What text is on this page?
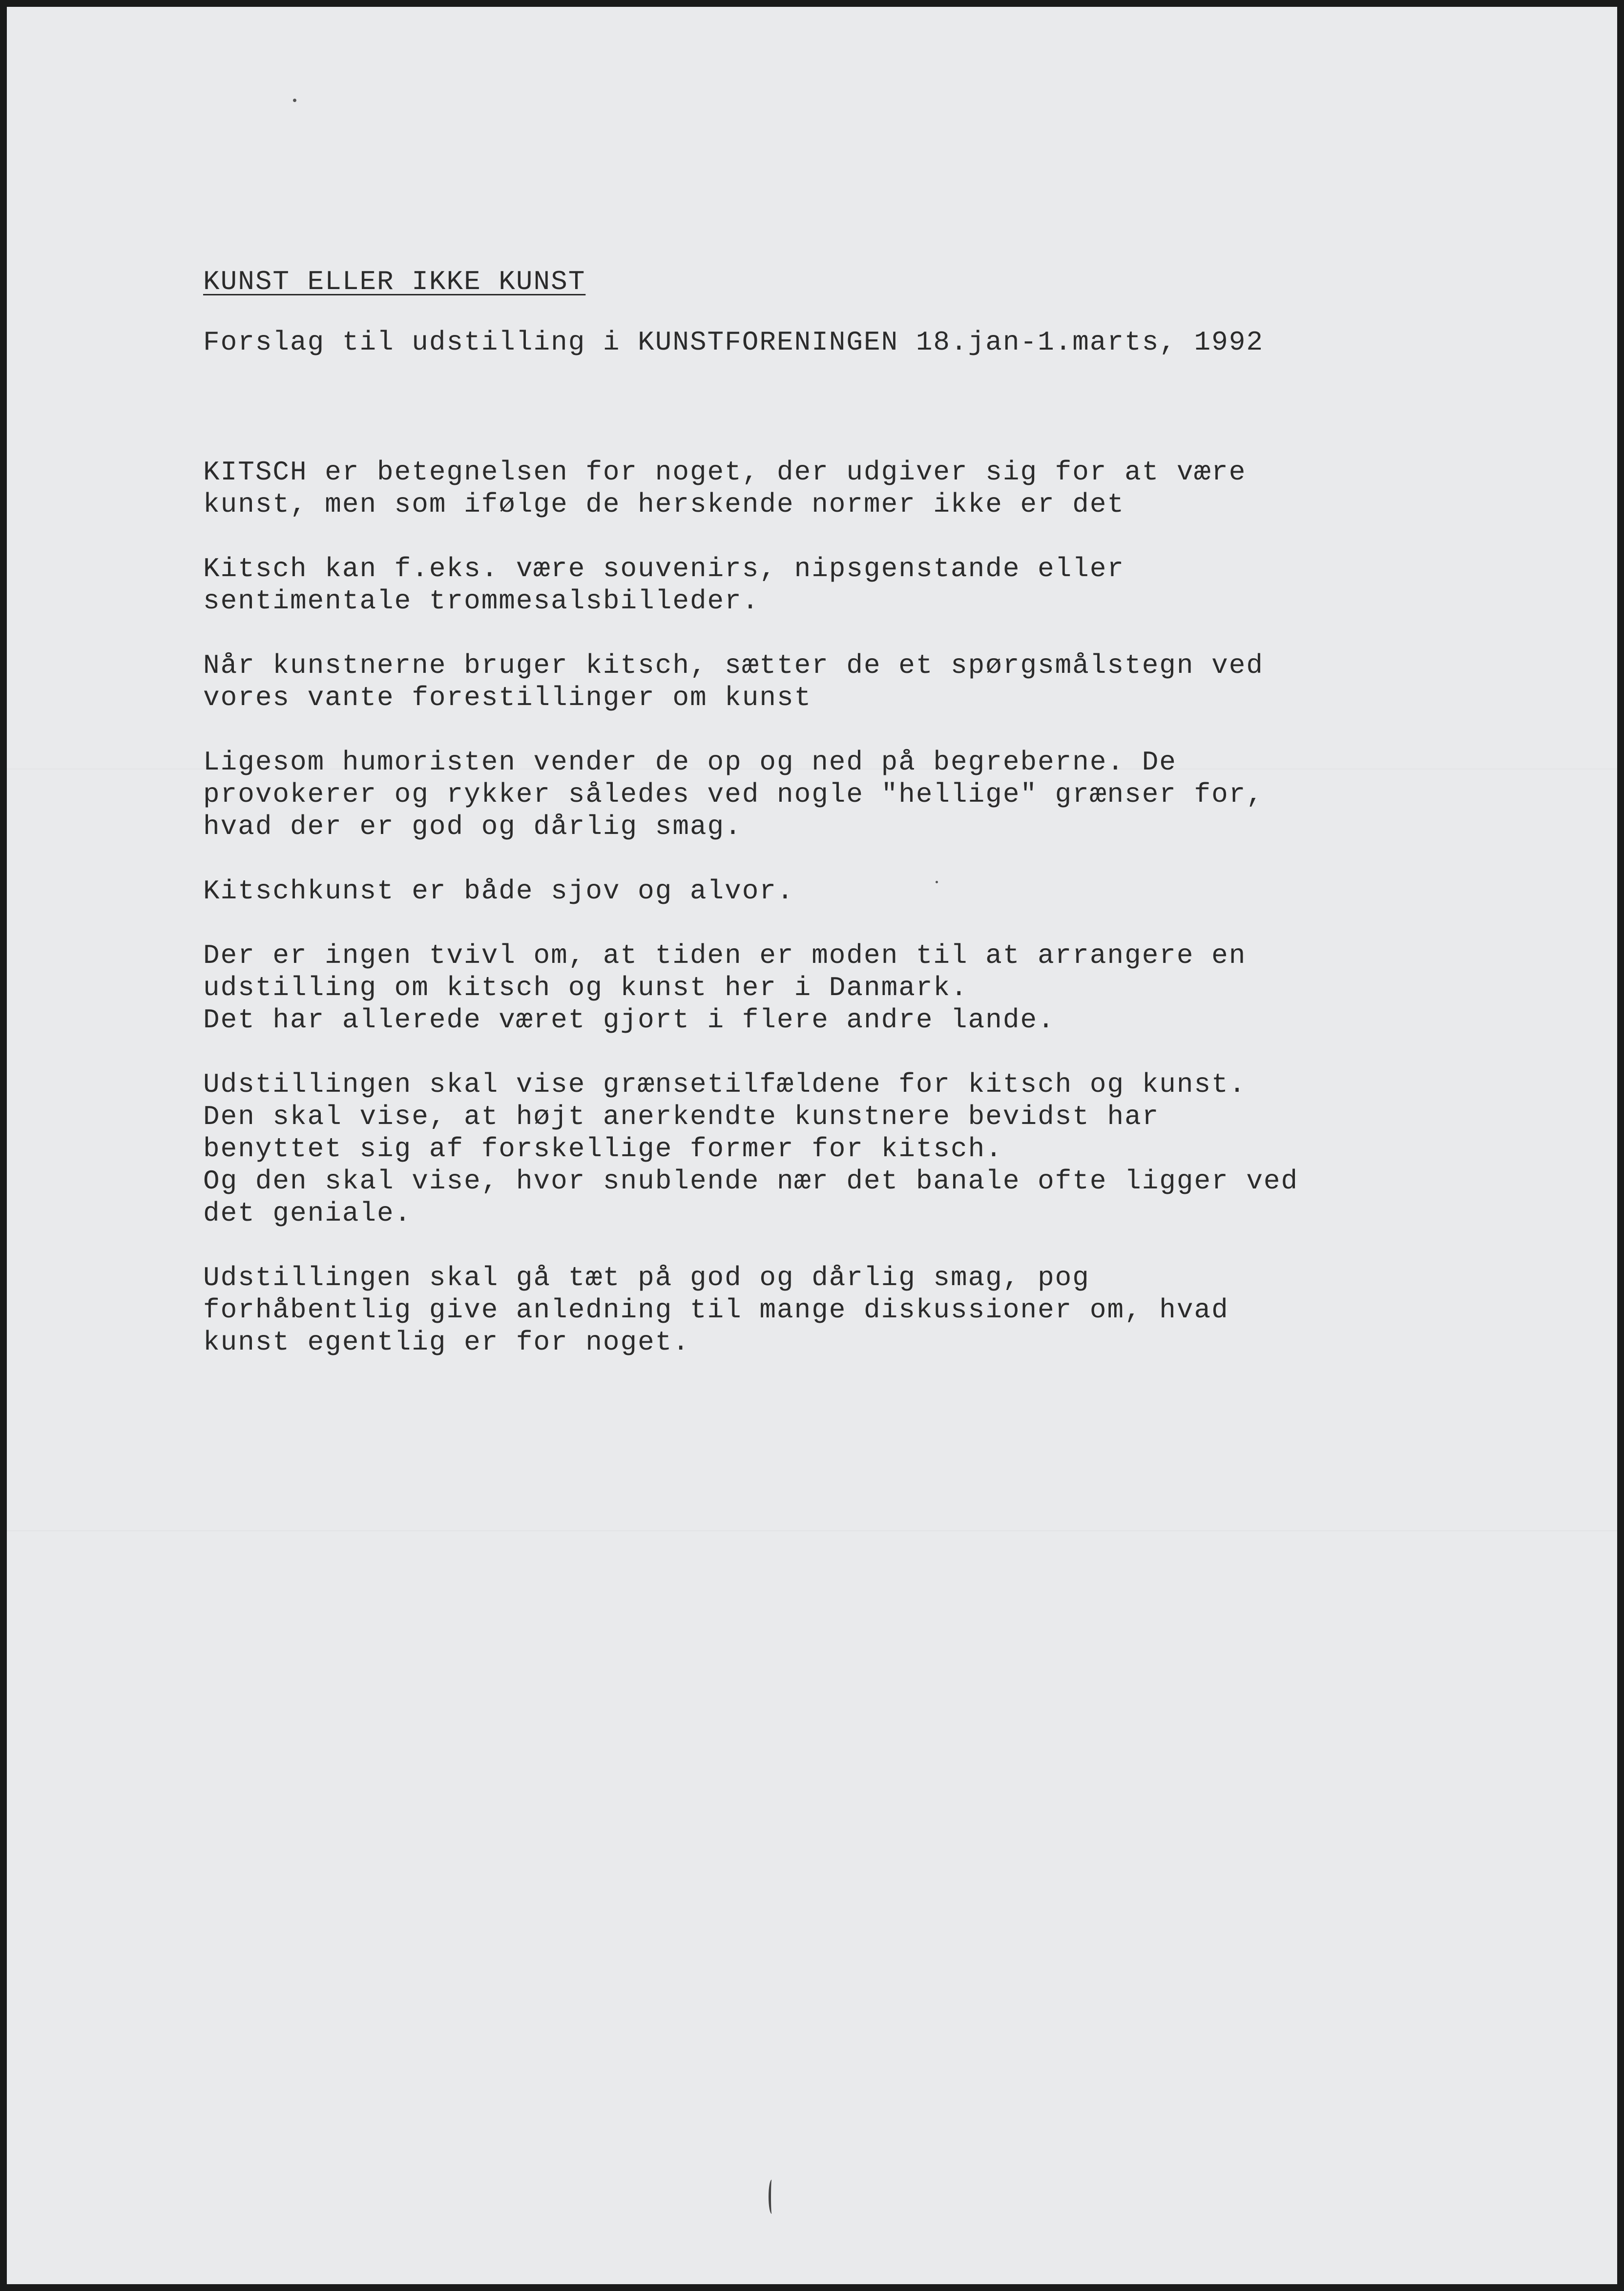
KUNST ELLER IKKE KUNST
Forslag til udstilling i KUNSTFORENINGEN 18.jan-1.marts, 1992
KITSCH er betegnelsen for noget, der udgiver sig for at være
kunst, men som ifølge de herskende normer ikke er det
Kitsch kan f.eks. være souvenirs, nipsgenstande eller
sentimentale trommesalsbilleder.
Når kunstnerne bruger kitsch, sætter de et spørgsmålstegn ved
vores vante forestillinger om kunst
Ligesom humoristen vender de op og ned på begreberne. De
provokerer og rykker således ved nogle "hellige" grænser for,
hvad der er god og dårlig smag.
Kitschkunst er både sjov og alvor.
Der er ingen tvivl om, at tiden er moden til at arrangere en
udstilling om kitsch og kunst her i Danmark.
Det har allerede været gjort i flere andre lande.
Udstillingen skal vise grænsetilfældene for kitsch og kunst.
Den skal vise, at højt anerkendte kunstnere bevidst har
benyttet sig af forskellige former for kitsch.
Og den skal vise, hvor snublende nær det banale ofte ligger ved
det geniale.
Udstillingen skal gå tæt på god og dårlig smag, pog
forhåbentlig give anledning til mange diskussioner om, hvad
kunst egentlig er for noget.
